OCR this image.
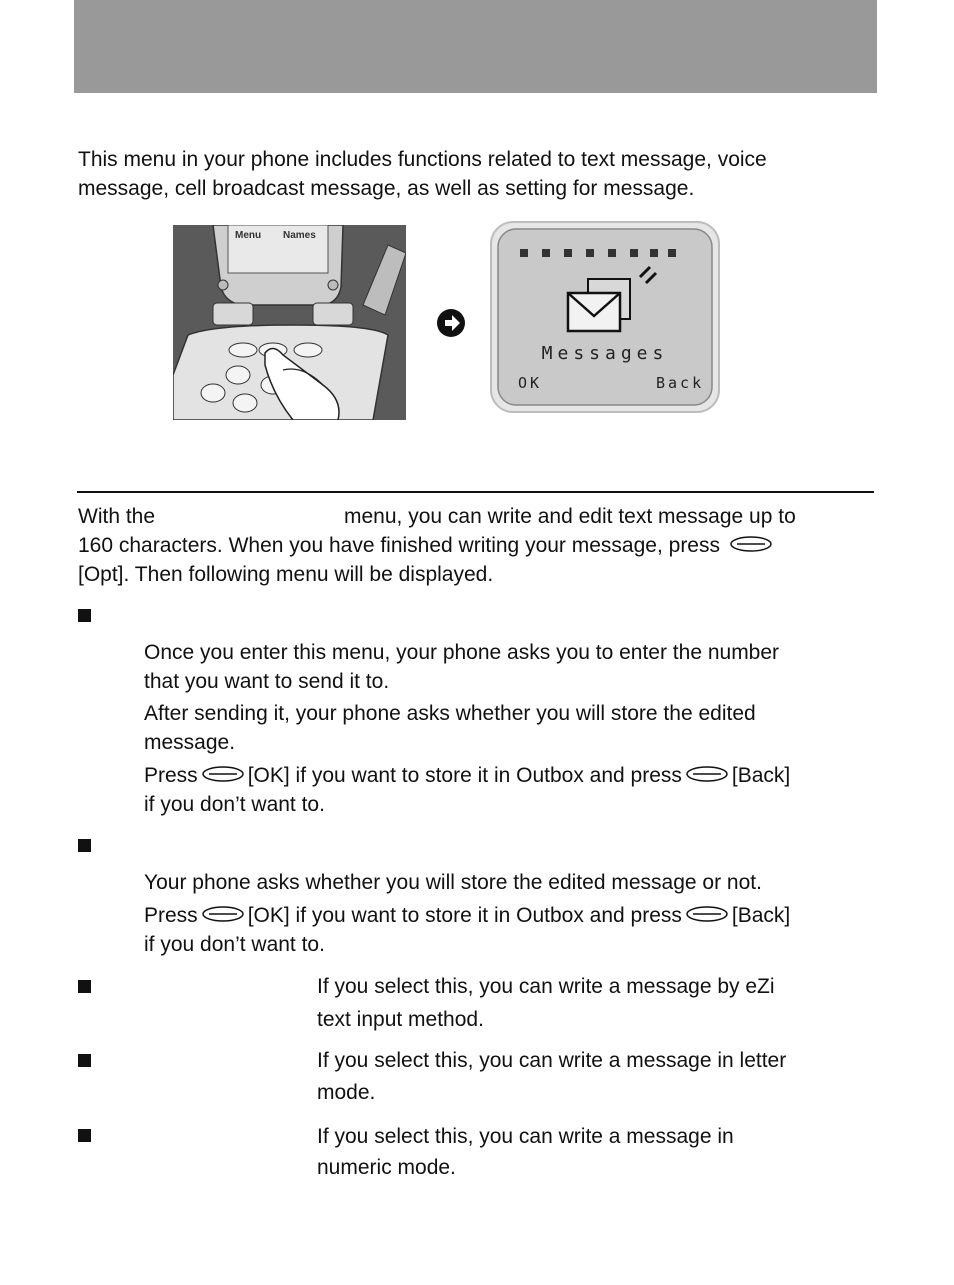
This menu in your phone includes functions related to text message, voice
message, cell broadcast message, as well as setting for message.
Menu Names
Messages
OK	Back
With the	menu, you can write and edit text message up to
160 characters. When you have finished writing your message, press
[Opt]. Then following menu will be displayed.
Once you enter this menu, your phone asks you to enter the number
that you want to send it to.
After sending it, your phone asks whether you will store the edited
message.
Press [OK] if you want to store it in Outbox and press [Back]
if you don’t want to.
Your phone asks whether you will store the edited message or not.
Press [OK] if you want to store it in Outbox and press [Back]
if you don’t want to.
If you select this, you can write a message by eZi
text input method.
If you select this, you can write a message in letter
mode.
If you select this, you can write a message in
numeric mode.
